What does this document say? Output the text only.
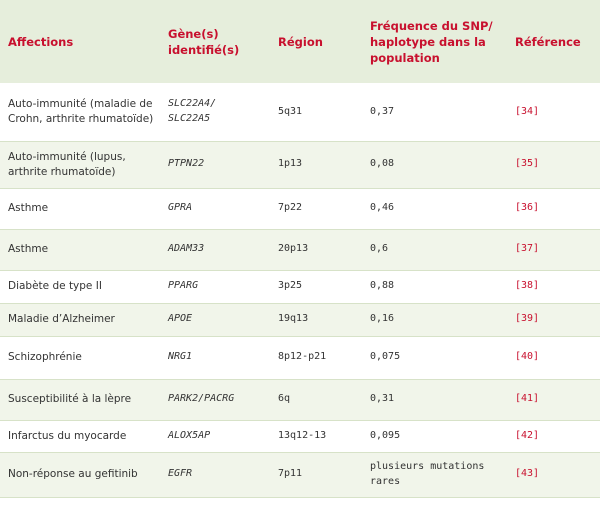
Affections	Gène(s) identifié(s)	Région	Fréquence du SNP/ haplotype dans la population	Référence
Auto-immunité (maladie de Crohn, arthrite rhumatoïde)	SLC22A4/ SLC22A5	5q31	0,37	[34]
Auto-immunité (lupus, arthrite rhumatoïde)	PTPN22	1p13	0,08	[35]
Asthme	GPRA	7p22	0,46	[36]
Asthme	ADAM33	20p13	0,6	[37]
Diabète de type II	PPARG	3p25	0,88	[38]
Maladie d’Alzheimer	APOE	19q13	0,16	[39]
Schizophrénie	NRG1	8p12-p21	0,075	[40]
Susceptibilité à la lèpre	PARK2/PACRG	6q	0,31	[41]
Infarctus du myocarde	ALOX5AP	13q12-13	0,095	[42]
Non-réponse au gefitinib	EGFR	7p11	plusieurs mutations rares	[43]
